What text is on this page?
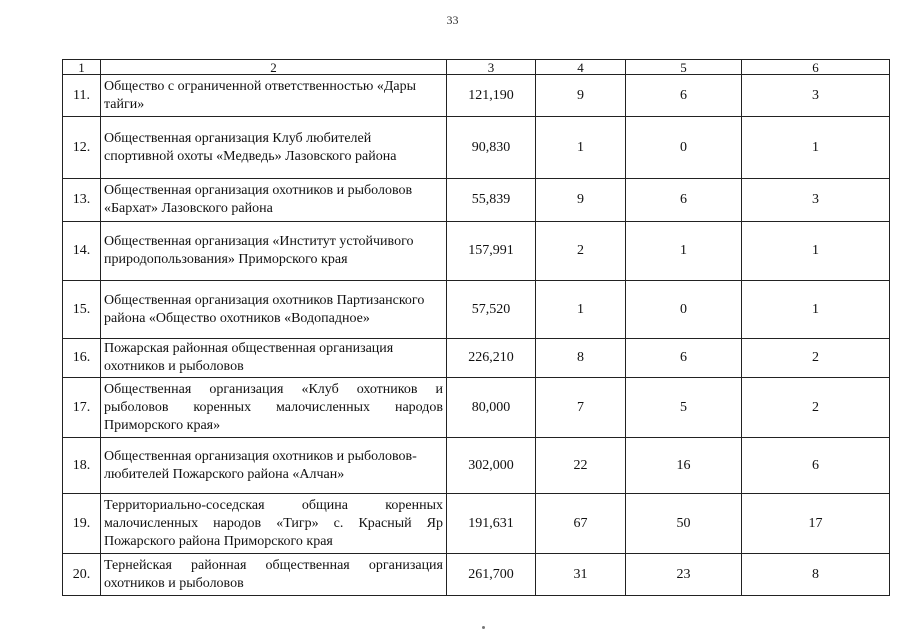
33
1	2	3	4	5	6
11.	Общество с ограниченной ответственностью «Дары тайги»	121,190	9	6	3
12.	Общественная организация Клуб любителей спортивной охоты «Медведь» Лазовского района	90,830	1	0	1
13.	Общественная организация охотников и рыболовов «Бархат» Лазовского района	55,839	9	6	3
14.	Общественная организация «Институт устойчивого природопользования» Приморского края	157,991	2	1	1
15.	Общественная организация охотников Партизанского района «Общество охотников «Водопадное»	57,520	1	0	1
16.	Пожарская районная общественная организация охотников и рыболовов	226,210	8	6	2
17.	Общественная организация «Клуб охотников и рыболовов коренных малочисленных народов Приморского края»	80,000	7	5	2
18.	Общественная организация охотников и рыболовов-любителей Пожарского района «Алчан»	302,000	22	16	6
19.	Территориально-соседская община коренных малочисленных народов «Тигр» с. Красный Яр Пожарского района Приморского края	191,631	67	50	17
20.	Тернейская районная общественная организация охотников и рыболовов	261,700	31	23	8
